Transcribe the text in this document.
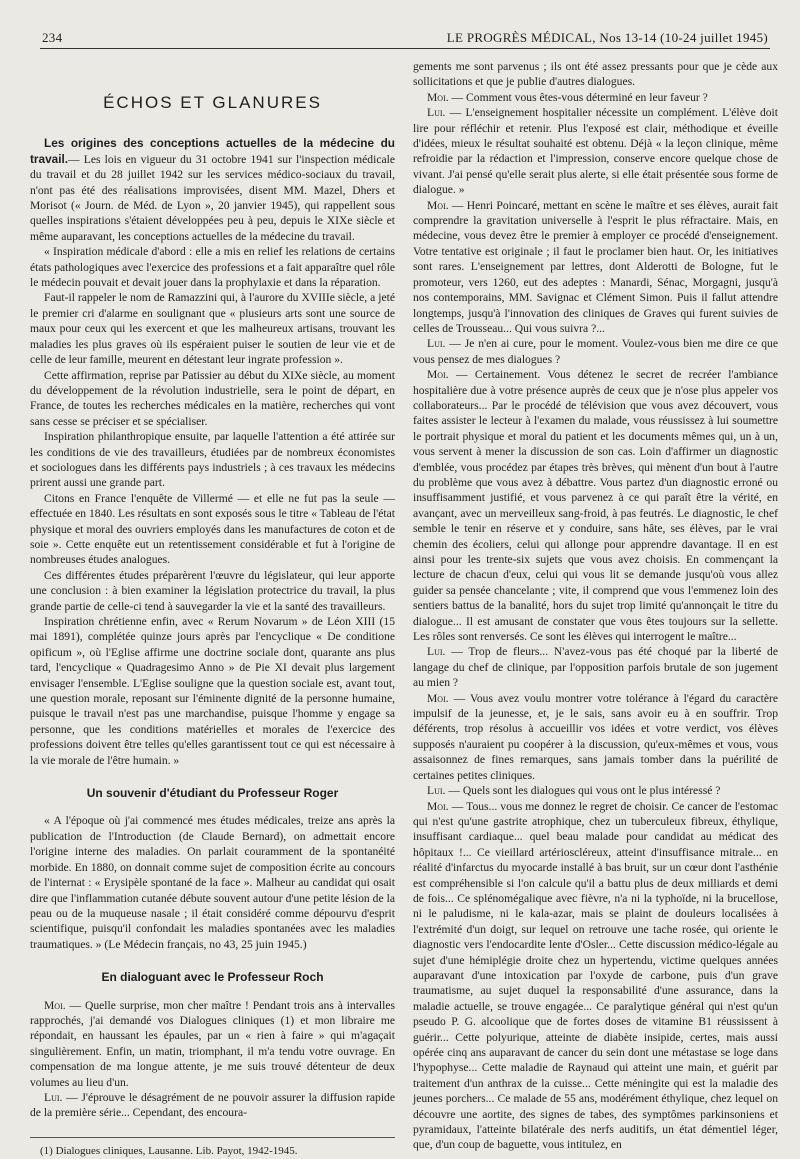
234	LE PROGRÈS MÉDICAL, Nos 13-14 (10-24 juillet 1945)
ÉCHOS ET GLANURES

Les origines des conceptions actuelles de la médecine du travail.— Les lois en vigueur du 31 octobre 1941 sur l'inspection médicale du travail et du 28 juillet 1942 sur les services médico-sociaux du travail, n'ont pas été des réalisations improvisées, disent MM. Mazel, Dhers et Morisot (« Journ. de Méd. de Lyon », 20 janvier 1945), qui rappellent sous quelles inspirations s'étaient développées peu à peu, depuis le XIXe siècle et même auparavant, les conceptions actuelles de la médecine du travail.

« Inspiration médicale d'abord : elle a mis en relief les relations de certains états pathologiques avec l'exercice des professions et a fait apparaître quel rôle le médecin pouvait et devait jouer dans la prophylaxie et dans la réparation.

Faut-il rappeler le nom de Ramazzini qui, à l'aurore du XVIIIe siècle, a jeté le premier cri d'alarme en soulignant que « plusieurs arts sont une source de maux pour ceux qui les exercent et que les malheureux artisans, trouvant les maladies les plus graves où ils espéraient puiser le soutien de leur vie et de celle de leur famille, meurent en détestant leur ingrate profession ».

Cette affirmation, reprise par Patissier au début du XIXe siècle, au moment du développement de la révolution industrielle, sera le point de départ, en France, de toutes les recherches médicales en la matière, recherches qui vont sans cesse se préciser et se spécialiser.

Inspiration philanthropique ensuite, par laquelle l'attention a été attirée sur les conditions de vie des travailleurs, étudiées par de nombreux économistes et sociologues dans les différents pays industriels ; à ces travaux les médecins prirent aussi une grande part.

Citons en France l'enquête de Villermé — et elle ne fut pas la seule — effectuée en 1840. Les résultats en sont exposés sous le titre « Tableau de l'état physique et moral des ouvriers employés dans les manufactures de coton et de soie ». Cette enquête eut un retentissement considérable et fut à l'origine de nombreuses études analogues.

Ces différentes études préparèrent l'œuvre du législateur, qui leur apporte une conclusion : à bien examiner la législation protectrice du travail, la plus grande partie de celle-ci tend à sauvegarder la vie et la santé des travailleurs.

Inspiration chrétienne enfin, avec « Rerum Novarum » de Léon XIII (15 mai 1891), complétée quinze jours après par l'encyclique « De conditione opificum », où l'Eglise affirme une doctrine sociale dont, quarante ans plus tard, l'encyclique « Quadragesimo Anno » de Pie XI devait plus largement envisager l'ensemble. L'Eglise souligne que la question sociale est, avant tout, une question morale, reposant sur l'éminente dignité de la personne humaine, puisque le travail n'est pas une marchandise, puisque l'homme y engage sa personne, que les conditions matérielles et morales de l'exercice des professions doivent être telles qu'elles garantissent tout ce qui est nécessaire à la vie morale de l'être humain. »

Un souvenir d'étudiant du Professeur Roger

« A l'époque où j'ai commencé mes études médicales, treize ans après la publication de l'Introduction (de Claude Bernard), on admettait encore l'origine interne des maladies. On parlait couramment de la spontanéité morbide. En 1880, on donnait comme sujet de composition écrite au concours de l'internat : « Erysipèle spontané de la face ». Malheur au candidat qui osait dire que l'inflammation cutanée débute souvent autour d'une petite lésion de la peau ou de la muqueuse nasale ; il était considéré comme dépourvu d'esprit scientifique, puisqu'il confondait les maladies spontanées avec les maladies traumatiques. » (Le Médecin français, no 43, 25 juin 1945.)

En dialoguant avec le Professeur Roch

Moi. — Quelle surprise, mon cher maître ! Pendant trois ans à intervalles rapprochés, j'ai demandé vos Dialogues cliniques (1) et mon libraire me répondait, en haussant les épaules, par un « rien à faire » qui m'agaçait singulièrement. Enfin, un matin, triomphant, il m'a tendu votre ouvrage. En compensation de ma longue attente, je me suis trouvé détenteur de deux volumes au lieu d'un.

Lui. — J'éprouve le désagrément de ne pouvoir assurer la diffusion rapide de la première série... Cependant, des encoura-

(1) Dialogues cliniques, Lausanne. Lib. Payot, 1942-1945.

gements me sont parvenus ; ils ont été assez pressants pour que je cède aux sollicitations et que je publie d'autres dialogues.

Moi. — Comment vous êtes-vous déterminé en leur faveur ?

Lui. — L'enseignement hospitalier nécessite un complément. L'élève doit lire pour réfléchir et retenir. Plus l'exposé est clair, méthodique et éveille d'idées, mieux le résultat souhaité est obtenu. Déjà « la leçon clinique, même refroidie par la rédaction et l'impression, conserve encore quelque chose de vivant. J'ai pensé qu'elle serait plus alerte, si elle était présentée sous forme de dialogue. »

Moi. — Henri Poincaré, mettant en scène le maître et ses élèves, aurait fait comprendre la gravitation universelle à l'esprit le plus réfractaire. Mais, en médecine, vous devez être le premier à employer ce procédé d'enseignement. Votre tentative est originale ; il faut le proclamer bien haut. Or, les initiatives sont rares. L'enseignement par lettres, dont Alderotti de Bologne, fut le promoteur, vers 1260, eut des adeptes : Manardi, Sénac, Morgagni, jusqu'à nos contemporains, MM. Savignac et Clément Simon. Puis il fallut attendre longtemps, jusqu'à l'innovation des cliniques de Graves qui furent suivies de celles de Trousseau... Qui vous suivra ?...

Lui. — Je n'en ai cure, pour le moment. Voulez-vous bien me dire ce que vous pensez de mes dialogues ?

Moi. — Certainement. Vous détenez le secret de recréer l'ambiance hospitalière due à votre présence auprès de ceux que je n'ose plus appeler vos collaborateurs... Par le procédé de télévision que vous avez découvert, vous faites assister le lecteur à l'examen du malade, vous réussissez à lui soumettre le portrait physique et moral du patient et les documents mêmes qui, un à un, vous servent à mener la discussion de son cas. Loin d'affirmer un diagnostic d'emblée, vous procédez par étapes très brèves, qui mènent d'un bout à l'autre du problème que vous avez à débattre. Vous partez d'un diagnostic erroné ou insuffisamment justifié, et vous parvenez à ce qui paraît être la vérité, en avançant, avec un merveilleux sang-froid, à pas feutrés. Le diagnostic, le chef semble le tenir en réserve et y conduire, sans hâte, ses élèves, par le vrai chemin des écoliers, celui qui allonge pour apprendre davantage. Il en est ainsi pour les trente-six sujets que vous avez choisis. En commençant la lecture de chacun d'eux, celui qui vous lit se demande jusqu'où vous allez guider sa pensée chancelante ; vite, il comprend que vous l'emmenez loin des sentiers battus de la banalité, hors du sujet trop limité qu'annonçait le titre du dialogue... Il est amusant de constater que vous êtes toujours sur la sellette. Les rôles sont renversés. Ce sont les élèves qui interrogent le maître...

Lui. — Trop de fleurs... N'avez-vous pas été choqué par la liberté de langage du chef de clinique, par l'opposition parfois brutale de son jugement au mien ?

Moi. — Vous avez voulu montrer votre tolérance à l'égard du caractère impulsif de la jeunesse, et, je le sais, sans avoir eu à en souffrir. Trop déférents, trop résolus à accueillir vos idées et votre verdict, vos élèves supposés n'auraient pu coopérer à la discussion, qu'eux-mêmes et vous, vous assaisonnez de fines remarques, sans jamais tomber dans la puérilité de certaines petites cliniques.

Lui. — Quels sont les dialogues qui vous ont le plus intéressé ?

Moi. — Tous... vous me donnez le regret de choisir. Ce cancer de l'estomac qui n'est qu'une gastrite atrophique, chez un tuberculeux fibreux, éthylique, insuffisant cardiaque... quel beau malade pour candidat au médicat des hôpitaux !... Ce vieillard artérioscléreux, atteint d'insuffisance mitrale... en réalité d'infarctus du myocarde installé à bas bruit, sur un cœur dont l'asthénie est compréhensible si l'on calcule qu'il a battu plus de deux milliards et demi de fois... Ce splénomégalique avec fièvre, n'a ni la typhoïde, ni la brucellose, ni le paludisme, ni le kala-azar, mais se plaint de douleurs localisées à l'extrémité d'un doigt, sur lequel on retrouve une tache rosée, qui oriente le diagnostic vers l'endocardite lente d'Osler... Cette discussion médico-légale au sujet d'une hémiplégie droite chez un hypertendu, victime quelques années auparavant d'une intoxication par l'oxyde de carbone, puis d'un grave traumatisme, au sujet duquel la responsabilité d'une assurance, dans la maladie actuelle, se trouve engagée... Ce paralytique général qui n'est qu'un pseudo P. G. alcoolique que de fortes doses de vitamine B1 réussissent à guérir... Cette polyurique, atteinte de diabète insipide, certes, mais aussi opérée cinq ans auparavant de cancer du sein dont une métastase se loge dans l'hypophyse... Cette maladie de Raynaud qui atteint une main, et guérit par traitement d'un anthrax de la cuisse... Cette méningite qui est la maladie des jeunes porchers... Ce malade de 55 ans, modérément éthylique, chez lequel on découvre une aortite, des signes de tabes, des symptômes parkinsoniens et pyramidaux, l'atteinte bilatérale des nerfs auditifs, un état démentiel léger, que, d'un coup de baguette, vous intitulez, en
